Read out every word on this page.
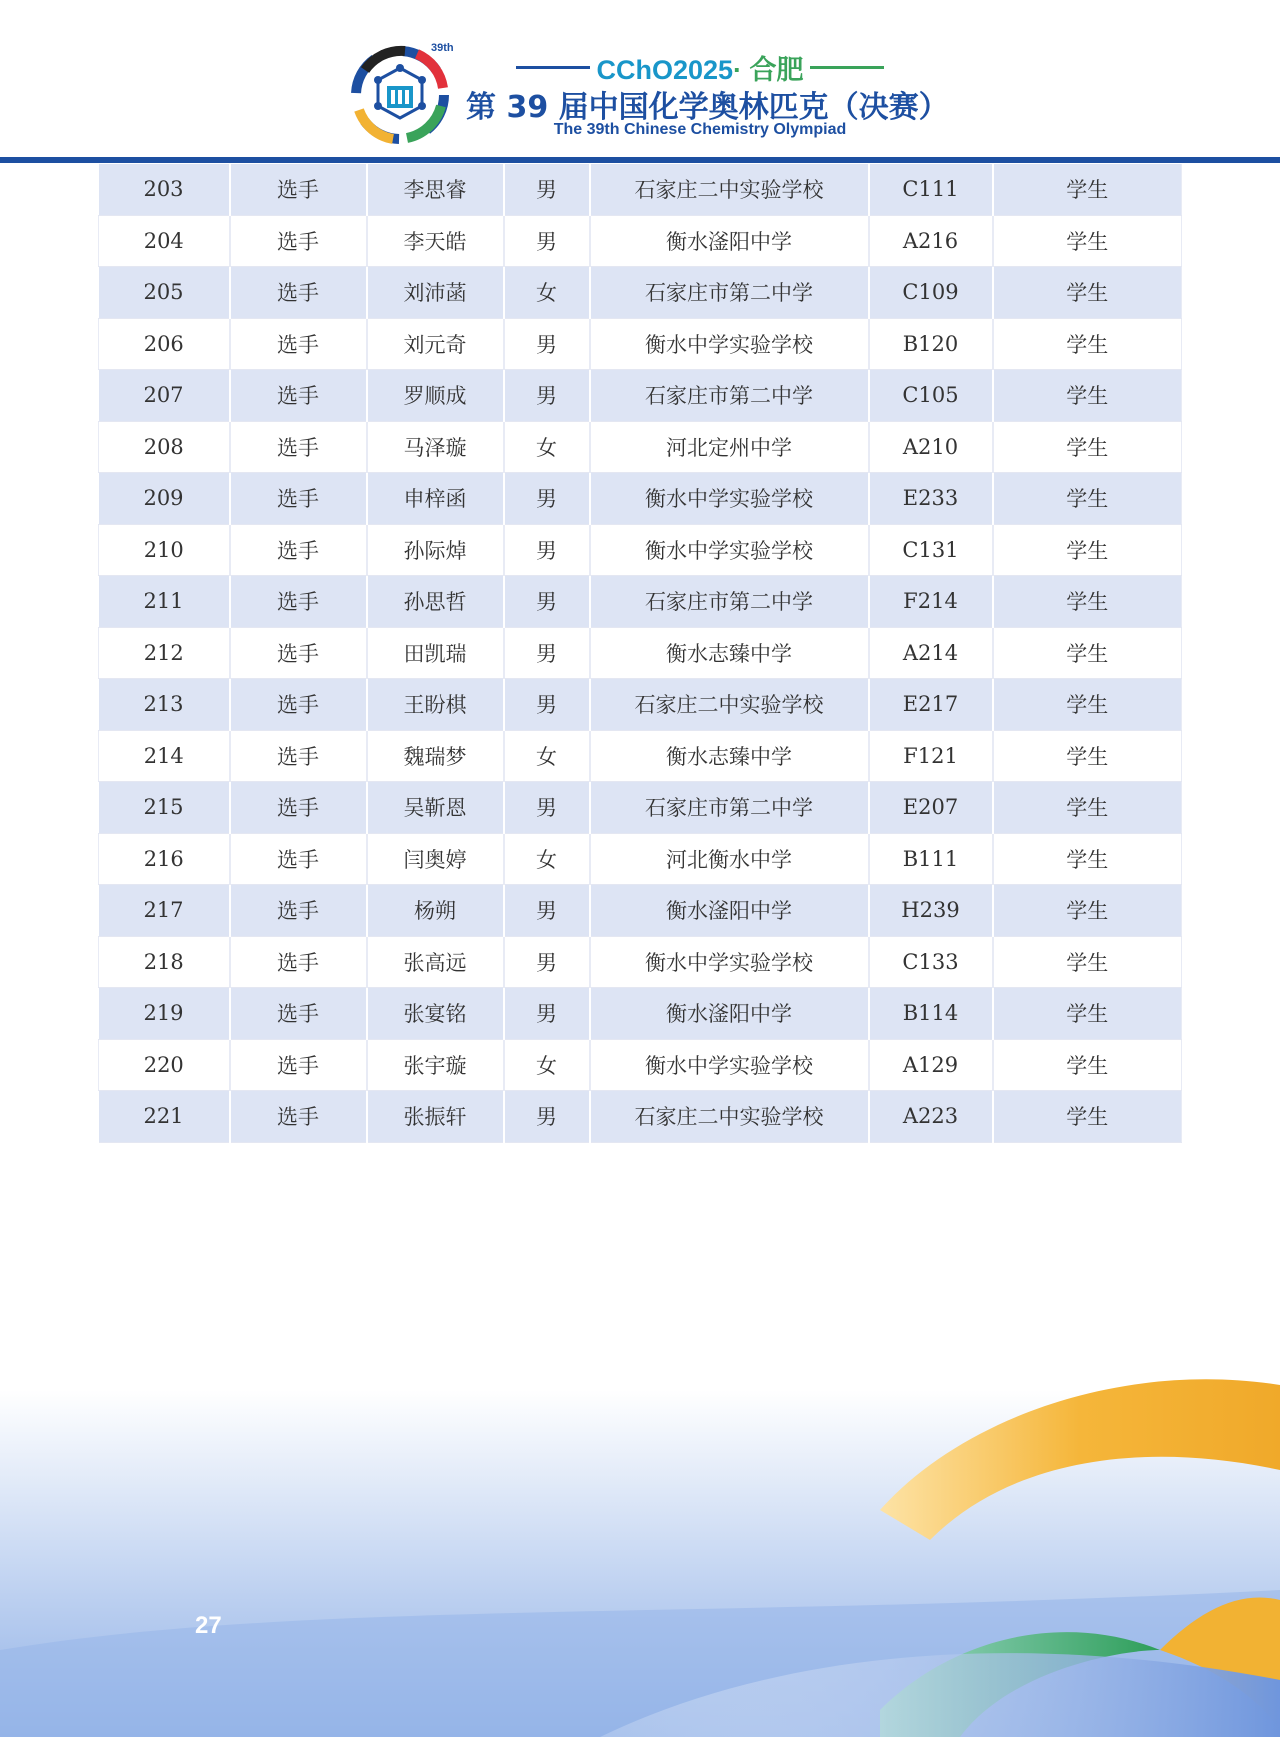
39th
CChO2025· 合肥
第 39 届中国化学奥林匹克（决赛）
The 39th Chinese Chemistry Olympiad
203	选手	李思睿	男	石家庄二中实验学校	C111	学生
204	选手	李天皓	男	衡水滏阳中学	A216	学生
205	选手	刘沛菡	女	石家庄市第二中学	C109	学生
206	选手	刘元奇	男	衡水中学实验学校	B120	学生
207	选手	罗顺成	男	石家庄市第二中学	C105	学生
208	选手	马泽璇	女	河北定州中学	A210	学生
209	选手	申梓函	男	衡水中学实验学校	E233	学生
210	选手	孙际焯	男	衡水中学实验学校	C131	学生
211	选手	孙思哲	男	石家庄市第二中学	F214	学生
212	选手	田凯瑞	男	衡水志臻中学	A214	学生
213	选手	王盼棋	男	石家庄二中实验学校	E217	学生
214	选手	魏瑞梦	女	衡水志臻中学	F121	学生
215	选手	吴靳恩	男	石家庄市第二中学	E207	学生
216	选手	闫奥婷	女	河北衡水中学	B111	学生
217	选手	杨朔	男	衡水滏阳中学	H239	学生
218	选手	张高远	男	衡水中学实验学校	C133	学生
219	选手	张宴铭	男	衡水滏阳中学	B114	学生
220	选手	张宇璇	女	衡水中学实验学校	A129	学生
221	选手	张振轩	男	石家庄二中实验学校	A223	学生
27
